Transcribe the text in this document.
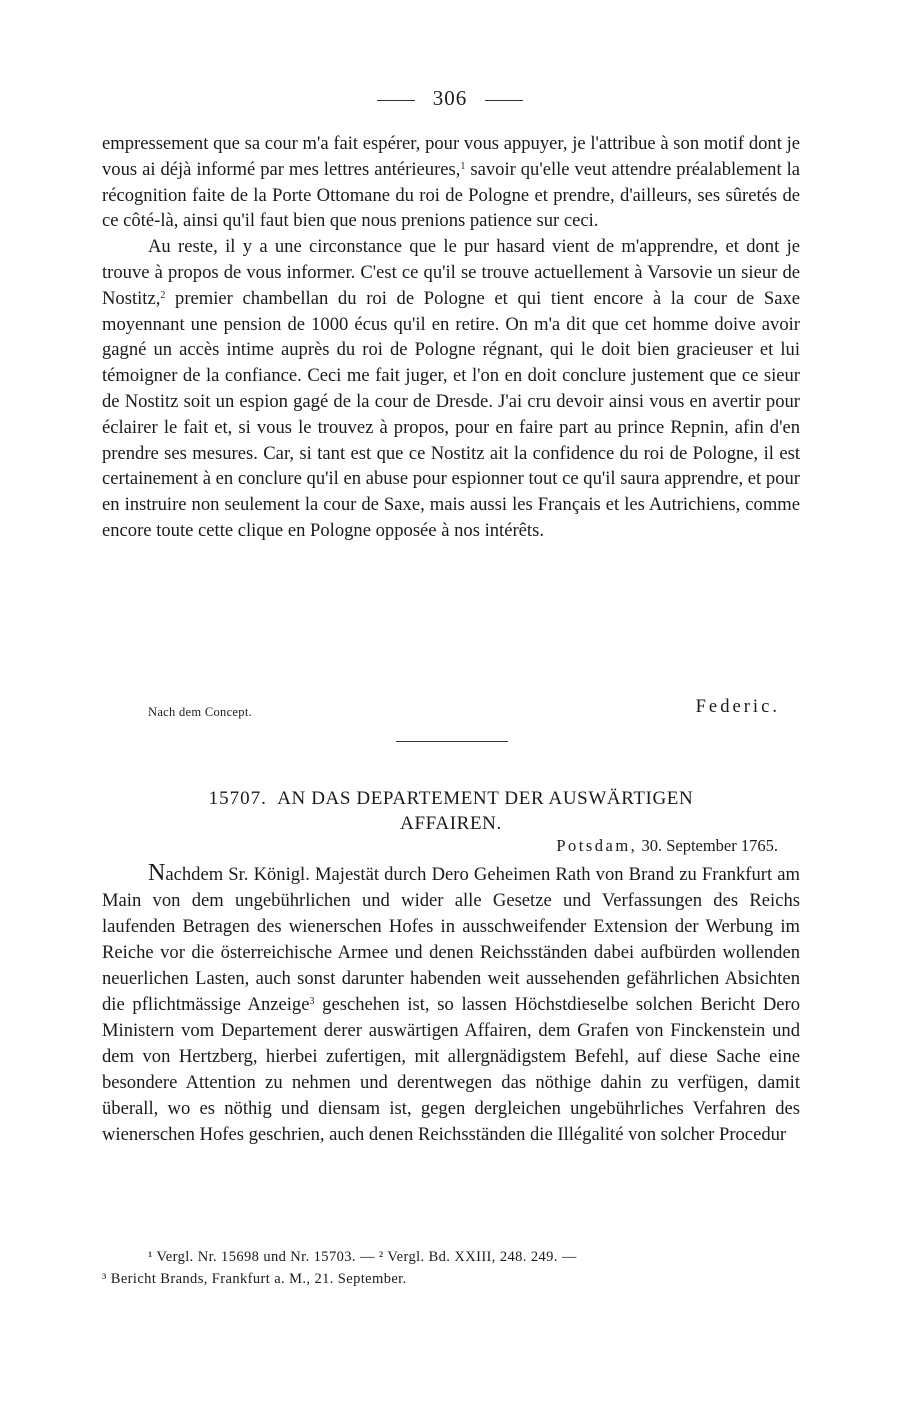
306

empressement que sa cour m'a fait espérer, pour vous appuyer, je l'attribue à son motif dont je vous ai déjà informé par mes lettres antérieures,$^1$ savoir qu'elle veut attendre préalablement la récognition faite de la Porte Ottomane du roi de Pologne et prendre, d'ailleurs, ses sûretés de ce côté-là, ainsi qu'il faut bien que nous prenions patience sur ceci.

Au reste, il y a une circonstance que le pur hasard vient de m'apprendre, et dont je trouve à propos de vous informer. C'est ce qu'il se trouve actuellement à Varsovie un sieur de Nostitz,$^2$ premier chambellan du roi de Pologne et qui tient encore à la cour de Saxe moyennant une pension de 1000 écus qu'il en retire. On m'a dit que cet homme doive avoir gagné un accès intime auprès du roi de Pologne régnant, qui le doit bien gracieuser et lui témoigner de la confiance. Ceci me fait juger, et l'on en doit conclure justement que ce sieur de Nostitz soit un espion gagé de la cour de Dresde. J'ai cru devoir ainsi vous en avertir pour éclairer le fait et, si vous le trouvez à propos, pour en faire part au prince Repnin, afin d'en prendre ses mesures. Car, si tant est que ce Nostitz ait la confidence du roi de Pologne, il est certainement à en conclure qu'il en abuse pour espionner tout ce qu'il saura apprendre, et pour en instruire non seulement la cour de Saxe, mais aussi les Français et les Autrichiens, comme encore toute cette clique en Pologne opposée à nos intérêts.

Nach dem Concept.	Federic.
15707. AN DAS DEPARTEMENT DER AUSWÄRTIGEN
AFFAIREN.
Potsdam, 30. September 1765.

Nachdem Sr. Königl. Majestät durch Dero Geheimen Rath von Brand zu Frankfurt am Main von dem ungebührlichen und wider alle Gesetze und Verfassungen des Reichs laufenden Betragen des wienerschen Hofes in ausschweifender Extension der Werbung im Reiche vor die österreichische Armee und denen Reichsständen dabei aufbürden wollenden neuerlichen Lasten, auch sonst darunter habenden weit aussehenden gefährlichen Absichten die pflichtmässige Anzeige$^3$ geschehen ist, so lassen Höchstdieselbe solchen Bericht Dero Ministern vom Departement derer auswärtigen Affairen, dem Grafen von Finckenstein und dem von Hertzberg, hierbei zufertigen, mit allergnädigstem Befehl, auf diese Sache eine besondere Attention zu nehmen und derentwegen das nöthige dahin zu verfügen, damit überall, wo es nöthig und diensam ist, gegen dergleichen ungebührliches Verfahren des wienerschen Hofes geschrien, auch denen Reichsständen die Illégalité von solcher Procedur

¹ Vergl. Nr. 15698 und Nr. 15703. — ² Vergl. Bd. XXIII, 248. 249. —

³ Bericht Brands, Frankfurt a. M., 21. September.
